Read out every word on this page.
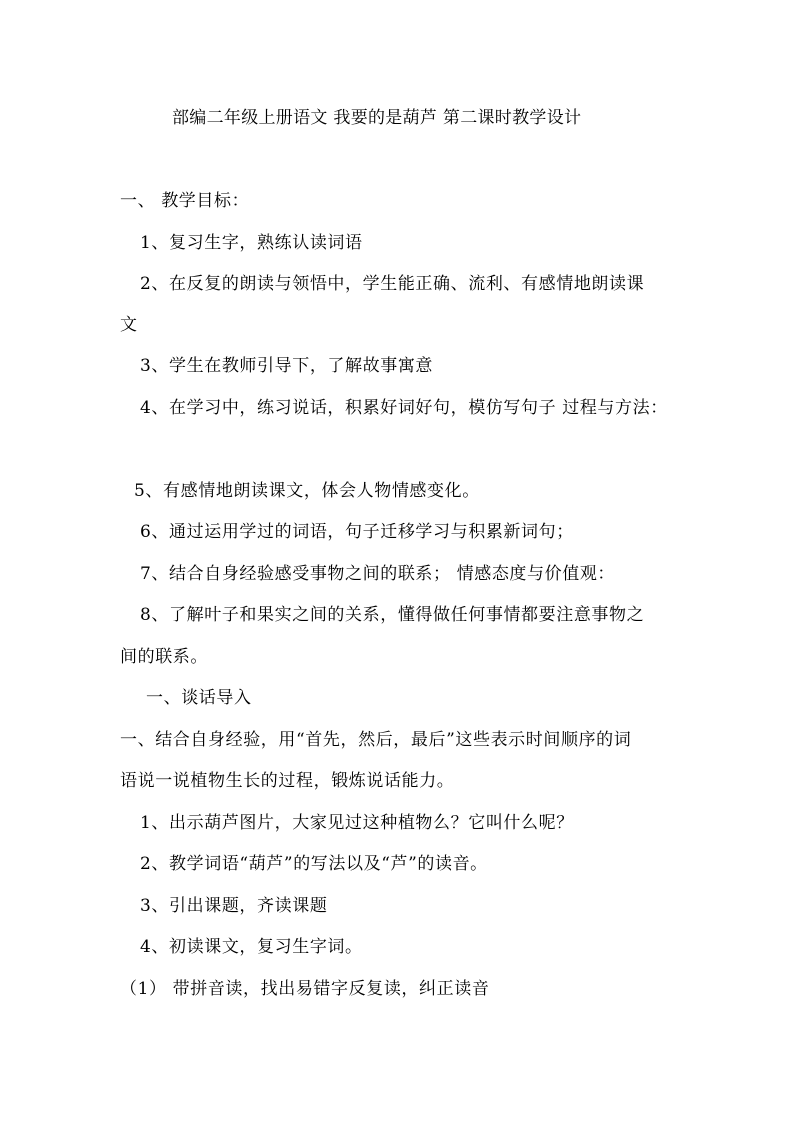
部编二年级上册语文 我要的是葫芦 第二课时教学设计
一、 教学目标：
1、复习生字，熟练认读词语
2、在反复的朗读与领悟中，学生能正确、流利、有感情地朗读课
文
3、学生在教师引导下，了解故事寓意
4、在学习中，练习说话，积累好词好句，模仿写句子 过程与方法：
5、有感情地朗读课文，体会人物情感变化。
6、通过运用学过的词语，句子迁移学习与积累新词句；
7、结合自身经验感受事物之间的联系； 情感态度与价值观：
8、了解叶子和果实之间的关系，懂得做任何事情都要注意事物之
间的联系。
一、谈话导入
一、结合自身经验，用“首先，然后，最后”这些表示时间顺序的词
语说一说植物生长的过程，锻炼说话能力。
1、出示葫芦图片，大家见过这种植物么？它叫什么呢？
2、教学词语“葫芦”的写法以及“芦”的读音。
3、引出课题，齐读课题
4、初读课文，复习生字词。
（1） 带拼音读，找出易错字反复读，纠正读音
